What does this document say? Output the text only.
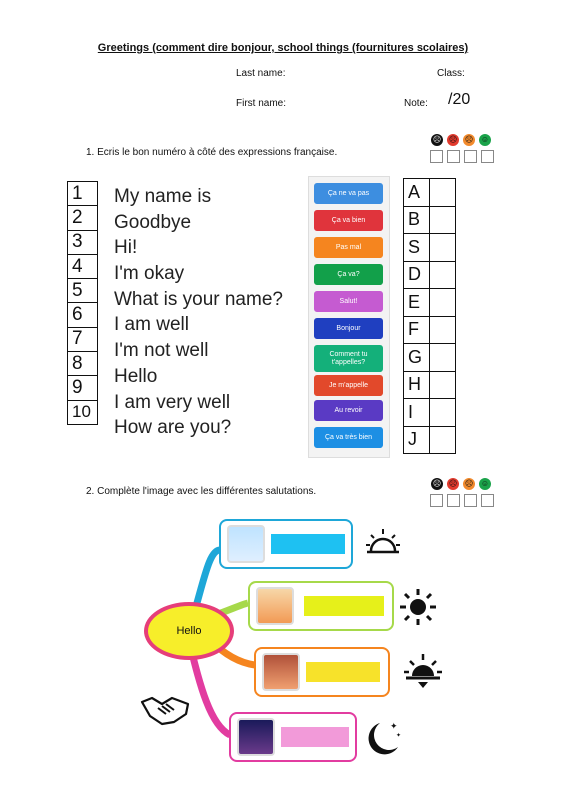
Greetings (comment dire bonjour, school things (fournitures scolaires)
Last name:	Class:
First name:	Note: /20
1. Ecris le bon numéro à côté des expressions française.
☹ ☹ ☹ ☺
1
2
3
4
5
6
7
8
9
10
My name is
Goodbye
Hi!
I'm okay
What is your name?
I am well
I'm not well
Hello
I am very well
How are you?
Ça ne va pas
Ça va bien
Pas mal
Ça va?
Salut!
Bonjour
Comment tu t'appelles?
Je m'appelle
Au revoir
Ça va très bien
A	
B	
S	
D	
E	
F	
G	
H	
I	
J	
2. Complète l'image avec les différentes salutations.
☹ ☹ ☹ ☺
Hello
✦
✦
